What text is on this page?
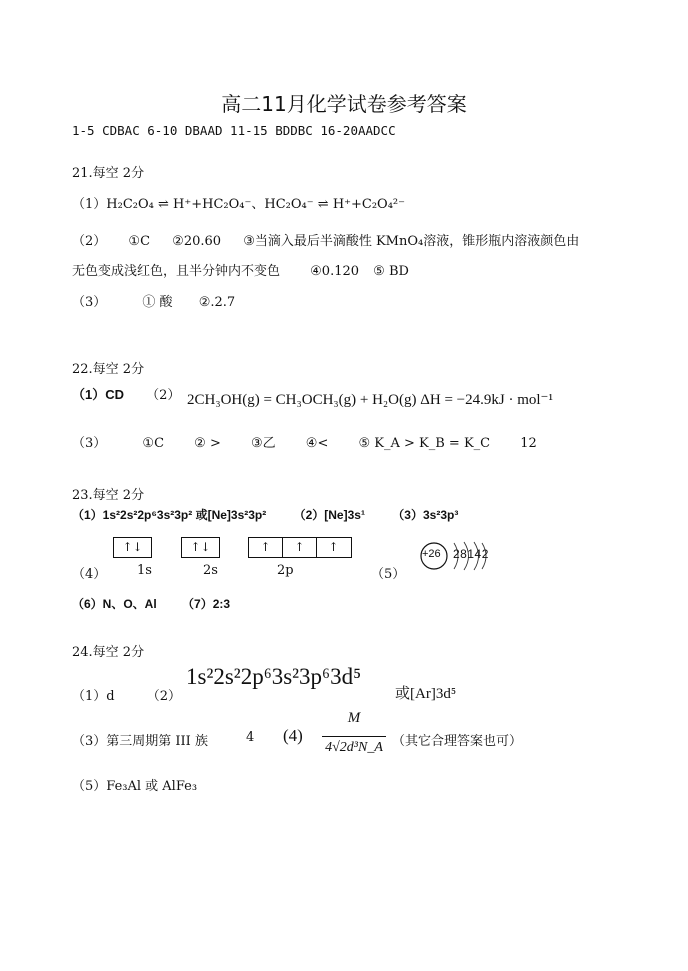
高二11月化学试卷参考答案
1-5 CDBAC 6-10 DBAAD 11-15 BDDBC 16-20AADCC
21.每空 2分
（1）H₂C₂O₄ ⇌ H⁺+HC₂O₄⁻、HC₂O₄⁻ ⇌ H⁺+C₂O₄²⁻
（2） ①C ②20.60 ③当滴入最后半滴酸性 KMnO₄溶液，锥形瓶内溶液颜色由
无色变成浅红色，且半分钟内不变色 ④0.120 ⑤ BD
（3）	① 酸 ②.2.7
22.每空 2分
（1）CD （2） 2CH₃OH(g) = CH₃OCH₃(g) + H₂O(g) ΔH = −24.9kJ · mol⁻¹
（3）	①C ② > ③乙 ④< ⑤ K_A > K_B = K_C 12
23.每空 2分
（1）1s²2s²2p⁶3s²3p² 或[Ne]3s²3p² （2）[Ne]3s¹ （3）3s²3p³
↑↓	↑↓	↑	↑	↑
（4） 1s	2s	2p	（5）
+26 28142
（6）N、O、Al （7）2:3
24.每空 2分
（1）d （2）
1s²2s²2p⁶3s²3p⁶3d⁵
或[Ar]3d⁵
（3）第三周期第 III 族	4 (4)
M
4√2d³N_A （其它合理答案也可）
（5）Fe₃Al 或 AlFe₃
